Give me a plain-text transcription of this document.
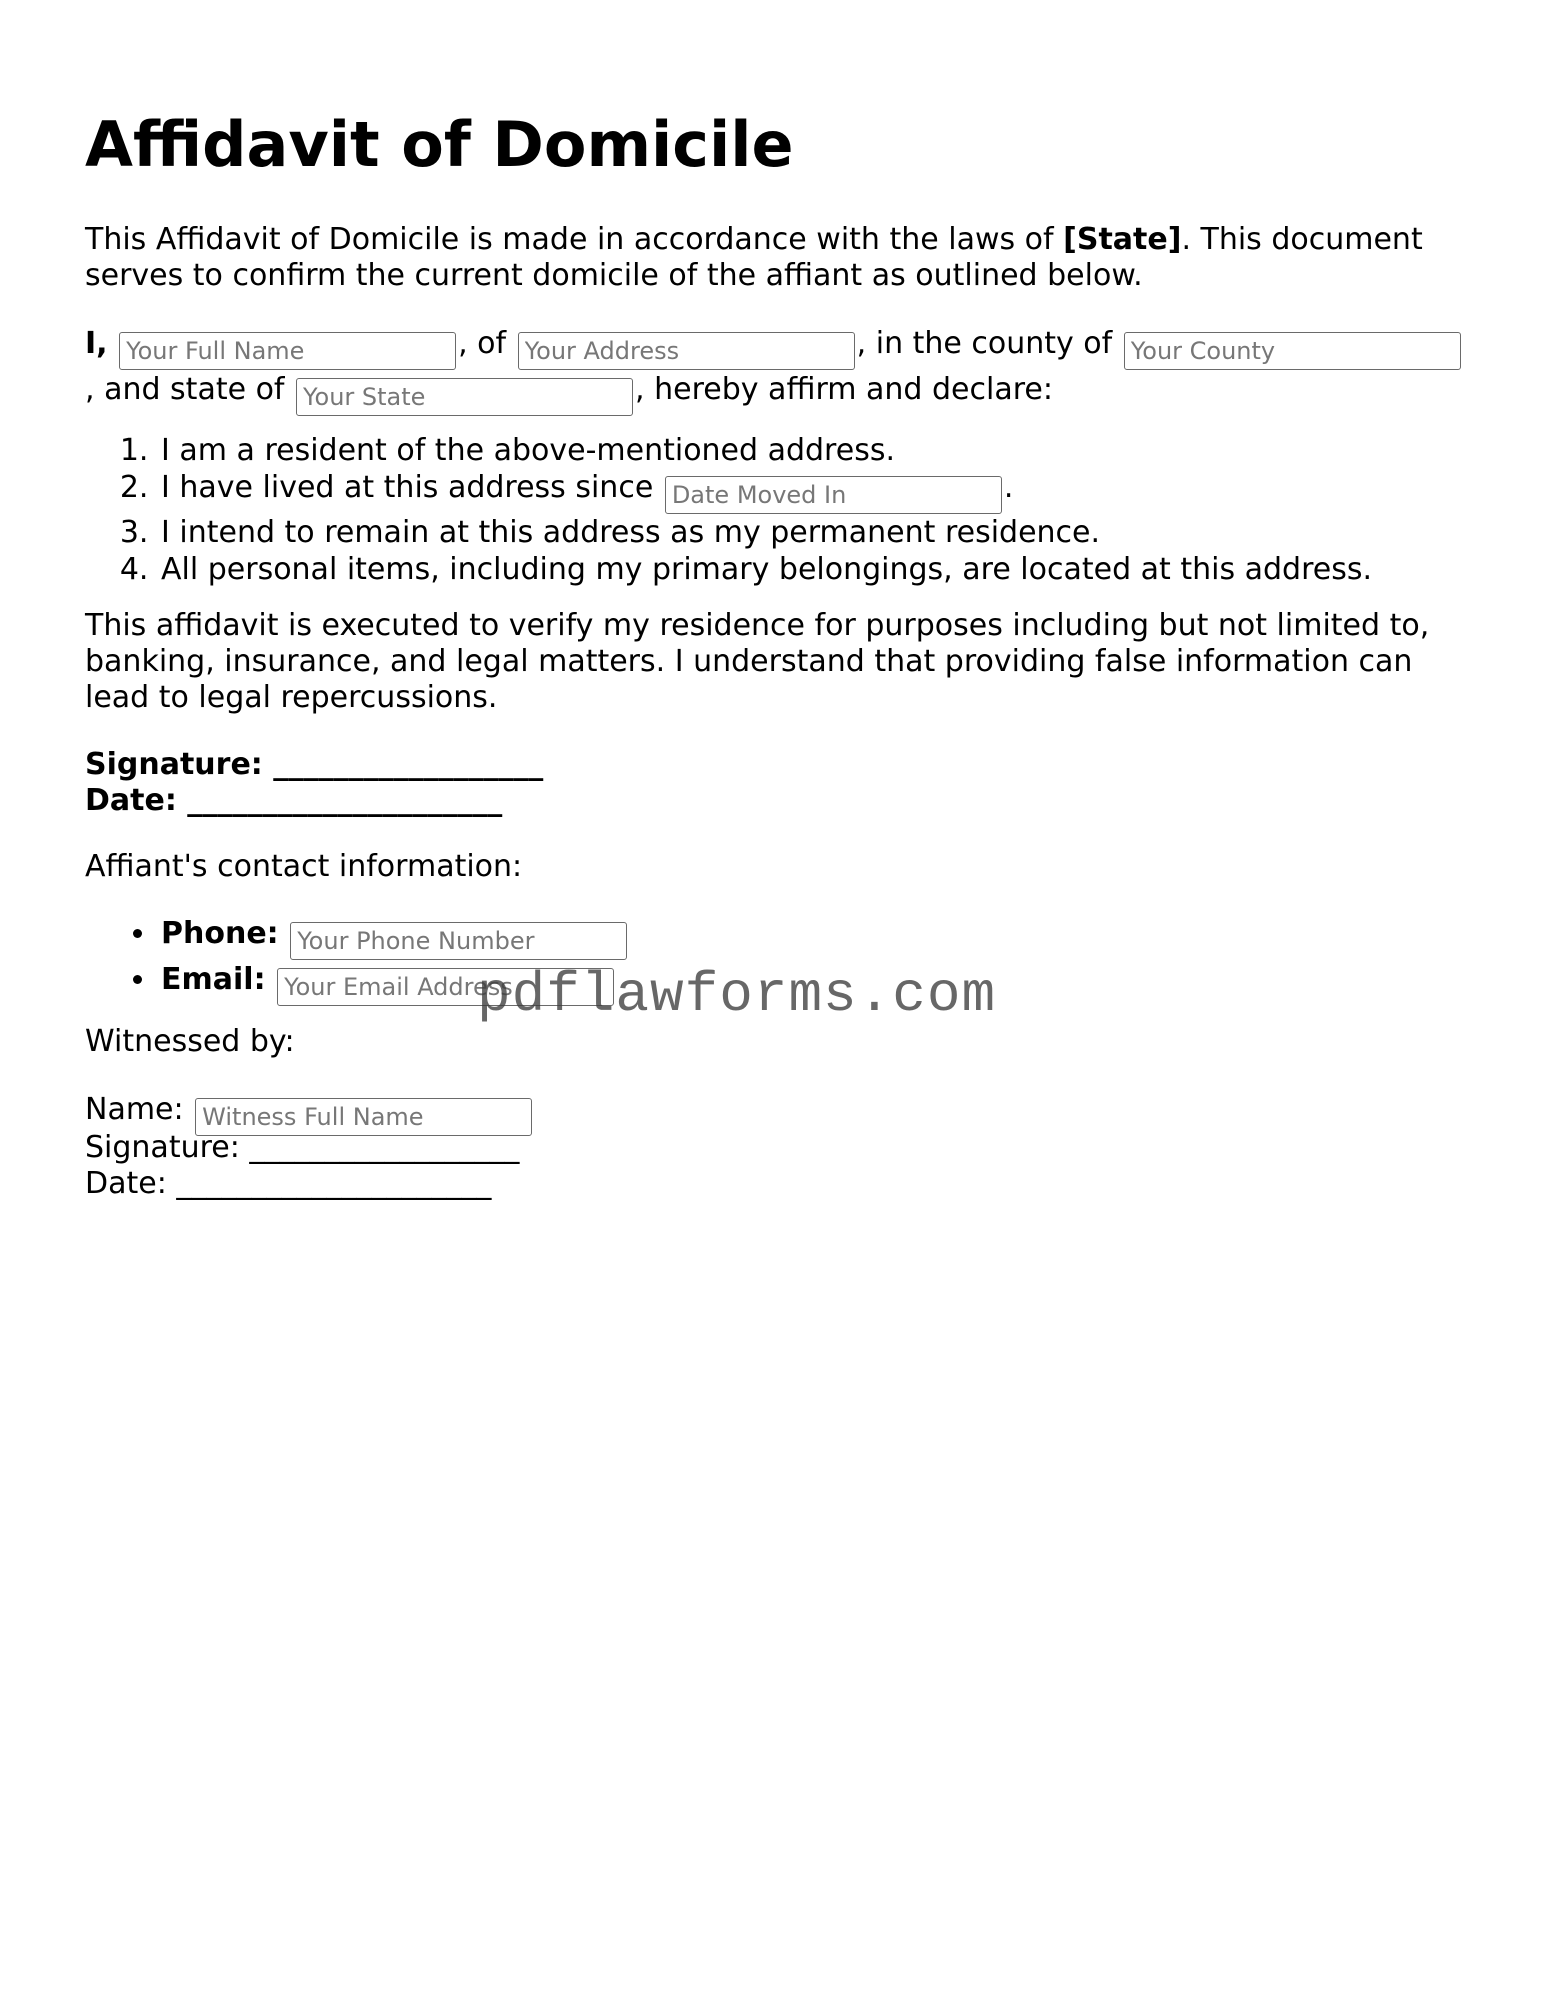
Affidavit of Domicile

This Affidavit of Domicile is made in accordance with the laws of [State]. This document serves to confirm the current domicile of the affiant as outlined below.

I, Your Full Name	, of Your Address	, in the county of Your County
, and state of Your State	, hereby affirm and declare:

1. I am a resident of the above-mentioned address.
2. I have lived at this address since Date Moved In	.
3. I intend to remain at this address as my permanent residence.
4. All personal items, including my primary belongings, are located at this address.

This affidavit is executed to verify my residence for purposes including but not limited to, banking, insurance, and legal matters. I understand that providing false information can lead to legal repercussions.

Signature: __________________

Date: _____________________

Affiant's contact information:

• Phone: Your Phone Number
• Email: Your Email Address

Witnessed by:

Name: Witness Full Name

Signature: __________________

Date: _____________________

pdflawforms.com
